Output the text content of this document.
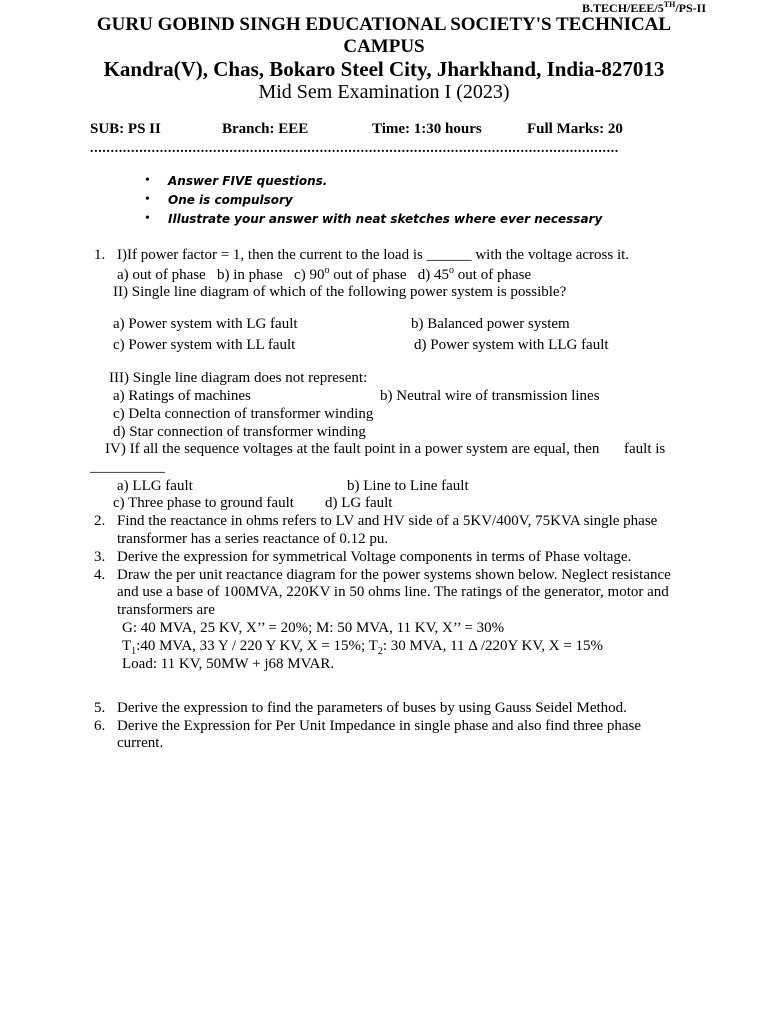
B.TECH/EEE/5TH/PS-II
GURU GOBIND SINGH EDUCATIONAL SOCIETY'S TECHNICAL
CAMPUS
Kandra(V), Chas, Bokaro Steel City, Jharkhand, India-827013
Mid Sem Examination I (2023)
SUB: PS II	Branch: EEE	Time: 1:30 hours	Full Marks: 20
.................................................................................................................................
• Answer FIVE questions.
• One is compulsory
• Illustrate your answer with neat sketches where ever necessary
1. I)If power factor = 1, then the current to the load is ______ with the voltage across it.
a) out of phase b) in phase c) 90$^o$ out of phase d) 45$^o$ out of phase
II) Single line diagram of which of the following power system is possible?
a) Power system with LG fault	b) Balanced power system
c) Power system with LL fault	d) Power system with LLG fault
III) Single line diagram does not represent:
a) Ratings of machines	b) Neutral wire of transmission lines
c) Delta connection of transformer winding
d) Star connection of transformer winding
IV) If all the sequence voltages at the fault point in a power system are equal, then fault is
__________
a) LLG fault	b) Line to Line fault
c) Three phase to ground fault d) LG fault
2. Find the reactance in ohms refers to LV and HV side of a 5KV/400V, 75KVA single phase
transformer has a series reactance of 0.12 pu.
3. Derive the expression for symmetrical Voltage components in terms of Phase voltage.
4. Draw the per unit reactance diagram for the power systems shown below. Neglect resistance
and use a base of 100MVA, 220KV in 50 ohms line. The ratings of the generator, motor and
transformers are
G: 40 MVA, 25 KV, X’’ = 20%; M: 50 MVA, 11 KV, X’’ = 30%
$T_1:40$ MVA, 33 Y / 220 Y KV, X = 15%; $T_2$: 30 MVA, 11 Δ /220Y KV, X = 15%
Load: 11 KV, 50MW + j68 MVAR.
5. Derive the expression to find the parameters of buses by using Gauss Seidel Method.
6. Derive the Expression for Per Unit Impedance in single phase and also find three phase
current.
